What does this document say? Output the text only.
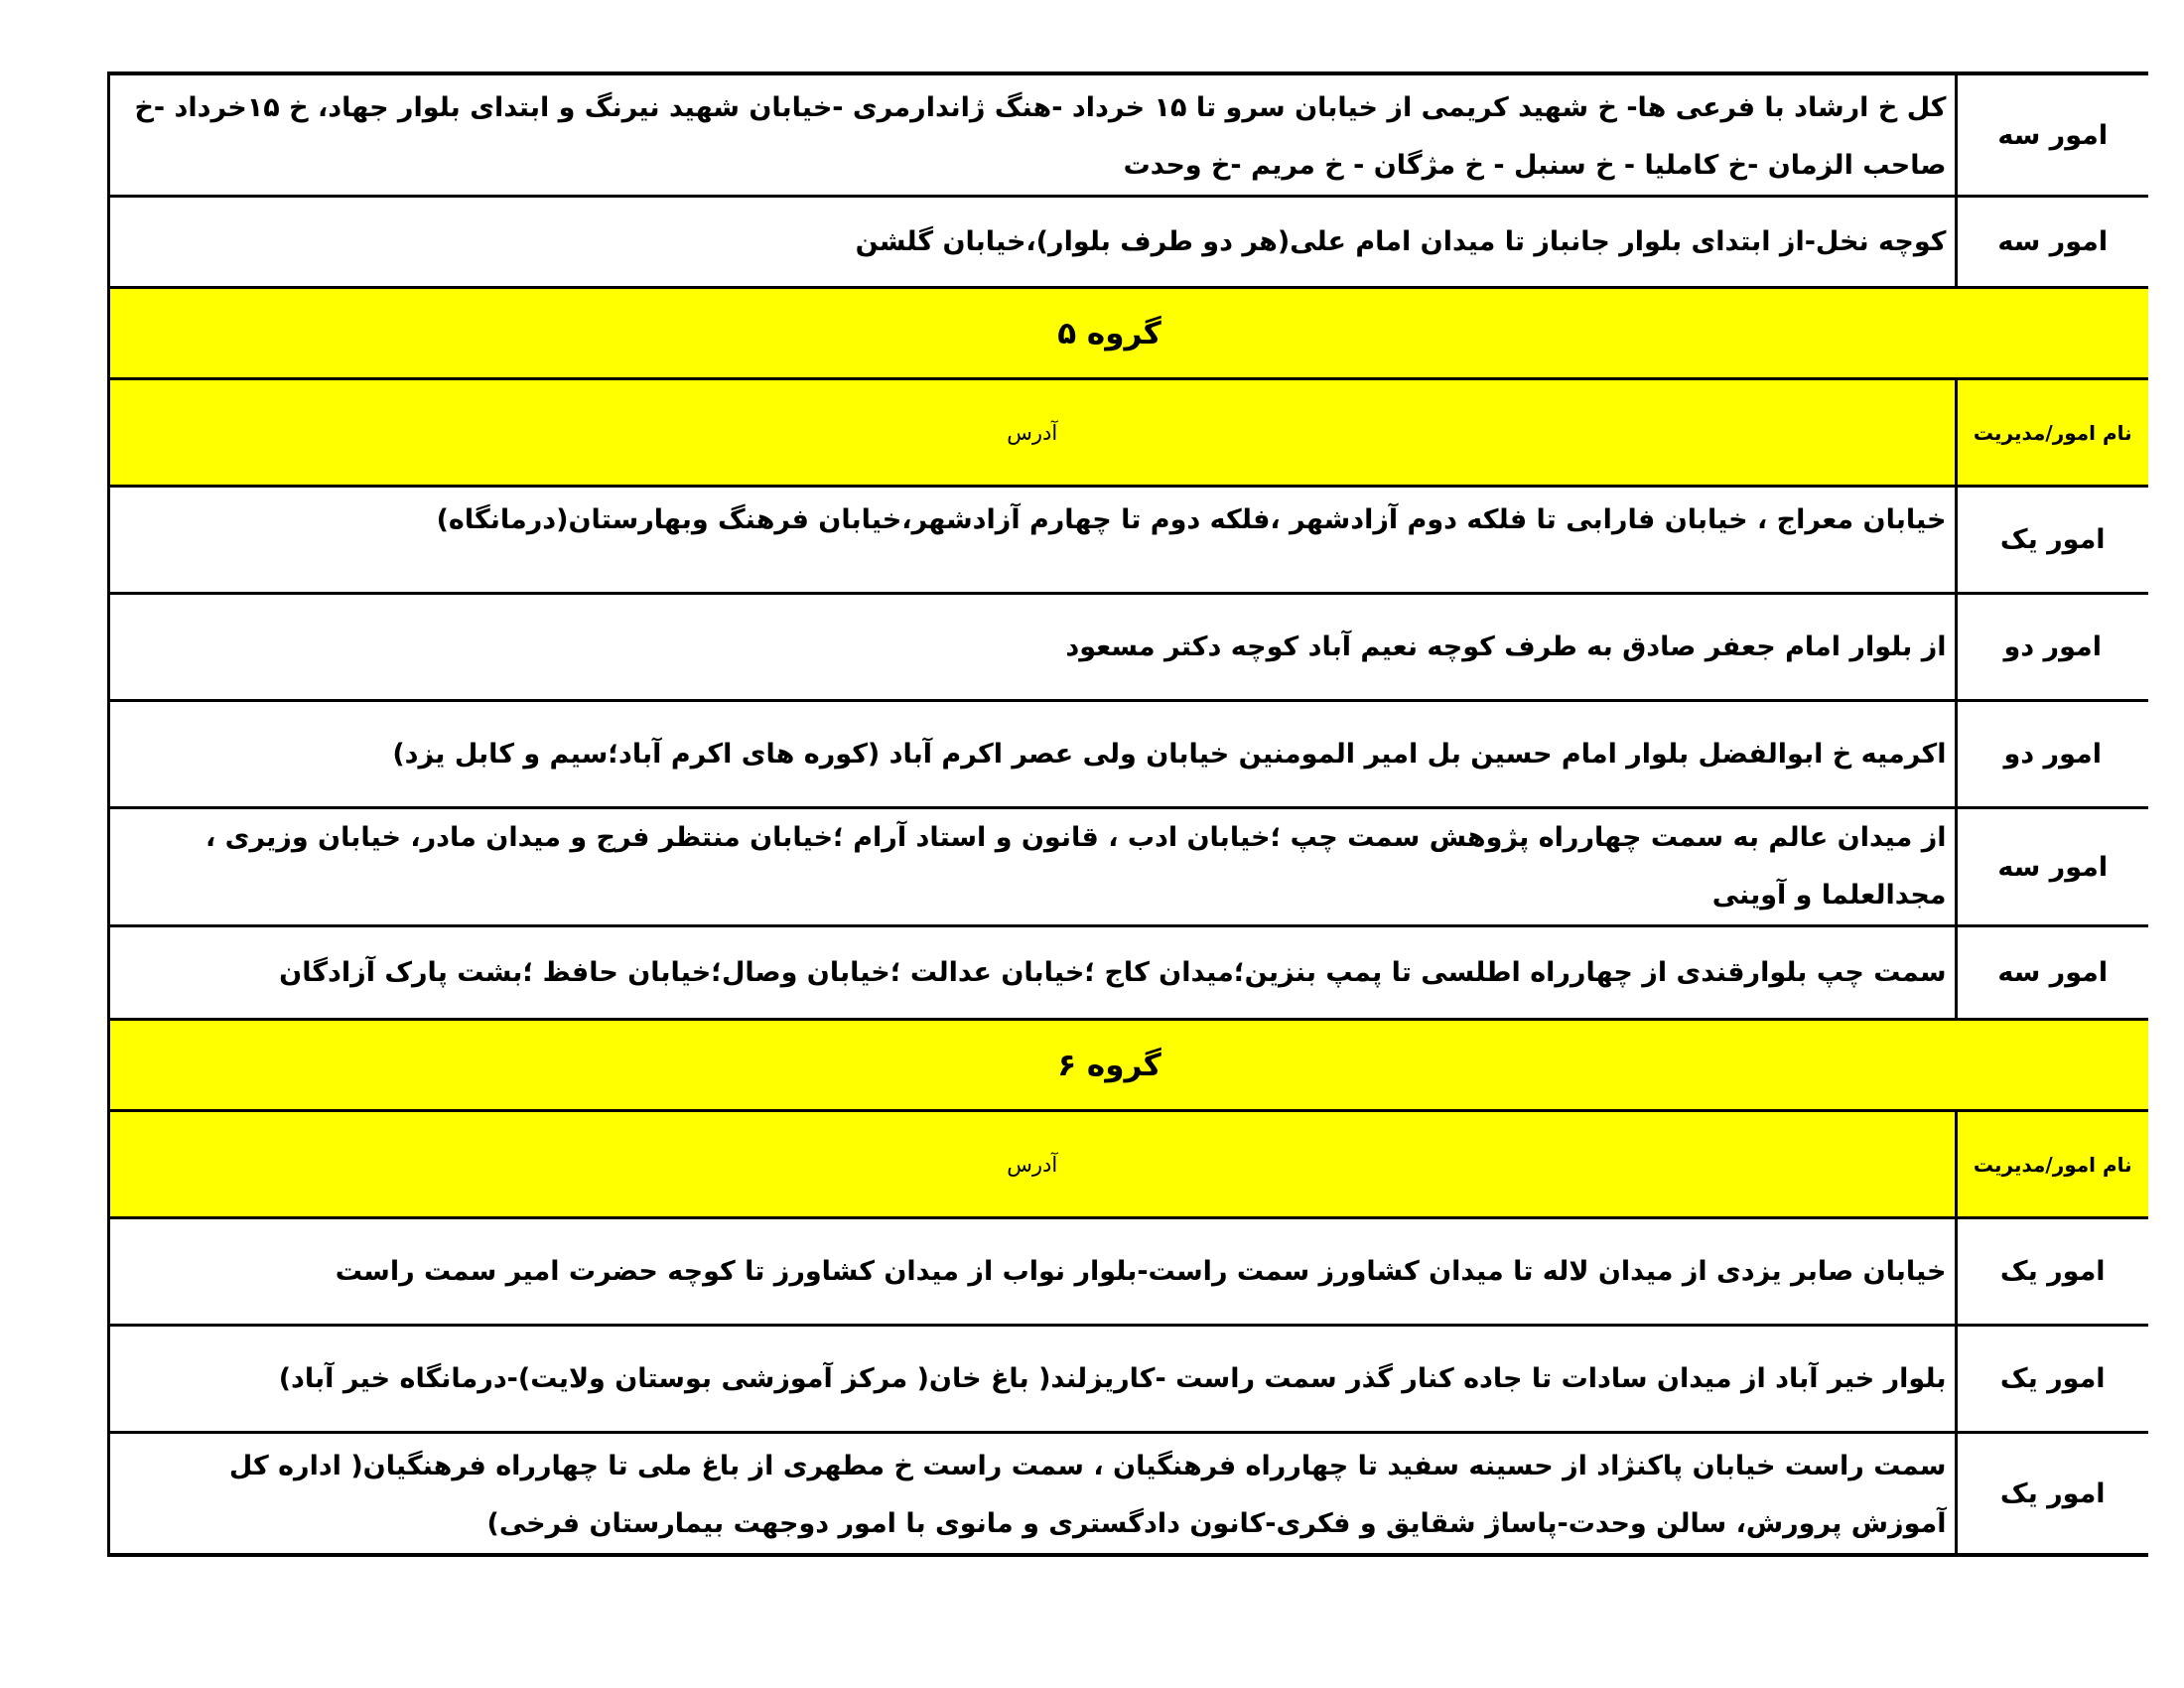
امور سه	کل خ ارشاد با فرعی ها- خ شهید کریمی از خیابان سرو تا ۱۵ خرداد -هنگ ژاندارمری -خیابان شهید نیرنگ و ابتدای بلوار جهاد، خ ۱۵خرداد -خ صاحب الزمان -خ کاملیا - خ سنبل - خ مژگان - خ مریم -خ وحدت
امور سه	کوچه نخل-از ابتدای بلوار جانباز تا میدان امام علی(هر دو طرف بلوار)،خیابان گلشن
گروه ۵	
نام امور/مدیریت	آدرس
امور یک	خیابان معراج ، خیابان فارابی تا فلکه دوم آزادشهر ،فلکه دوم تا چهارم آزادشهر،خیابان فرهنگ وبهارستان(درمانگاه)
امور دو	از بلوار امام جعفر صادق به طرف کوچه نعیم آباد کوچه دکتر مسعود
امور دو	اکرمیه خ ابوالفضل بلوار امام حسین بل امیر المومنین خیابان ولی عصر اکرم آباد (کوره های اکرم آباد؛سیم و کابل یزد)
امور سه	از میدان عالم به سمت چهارراه پژوهش سمت چپ ؛خیابان ادب ، قانون و استاد آرام ؛خیابان منتظر فرج و میدان مادر، خیابان وزیری ، مجدالعلما و آوینی
امور سه	سمت چپ بلوارقندی از چهارراه اطلسی تا پمپ بنزین؛میدان کاج ؛خیابان عدالت ؛خیابان وصال؛خیابان حافظ ؛بشت پارک آزادگان
گروه ۶	
نام امور/مدیریت	آدرس
امور یک	خیابان صابر یزدی از میدان لاله تا میدان کشاورز سمت راست-بلوار نواب از میدان کشاورز تا کوچه حضرت امیر سمت راست
امور یک	بلوار خیر آباد از میدان سادات تا جاده کنار گذر سمت راست -کاریزلند( باغ خان( مرکز آموزشی بوستان ولایت)-درمانگاه خیر آباد)
امور یک	سمت راست خیابان پاکنژاد از حسینه سفید تا چهارراه فرهنگیان ، سمت راست خ مطهری از باغ ملی تا چهارراه فرهنگیان( اداره کل آموزش پرورش، سالن وحدت-پاساژ شقایق و فکری-کانون دادگستری و مانوی با امور دوجهت بیمارستان فرخی)
